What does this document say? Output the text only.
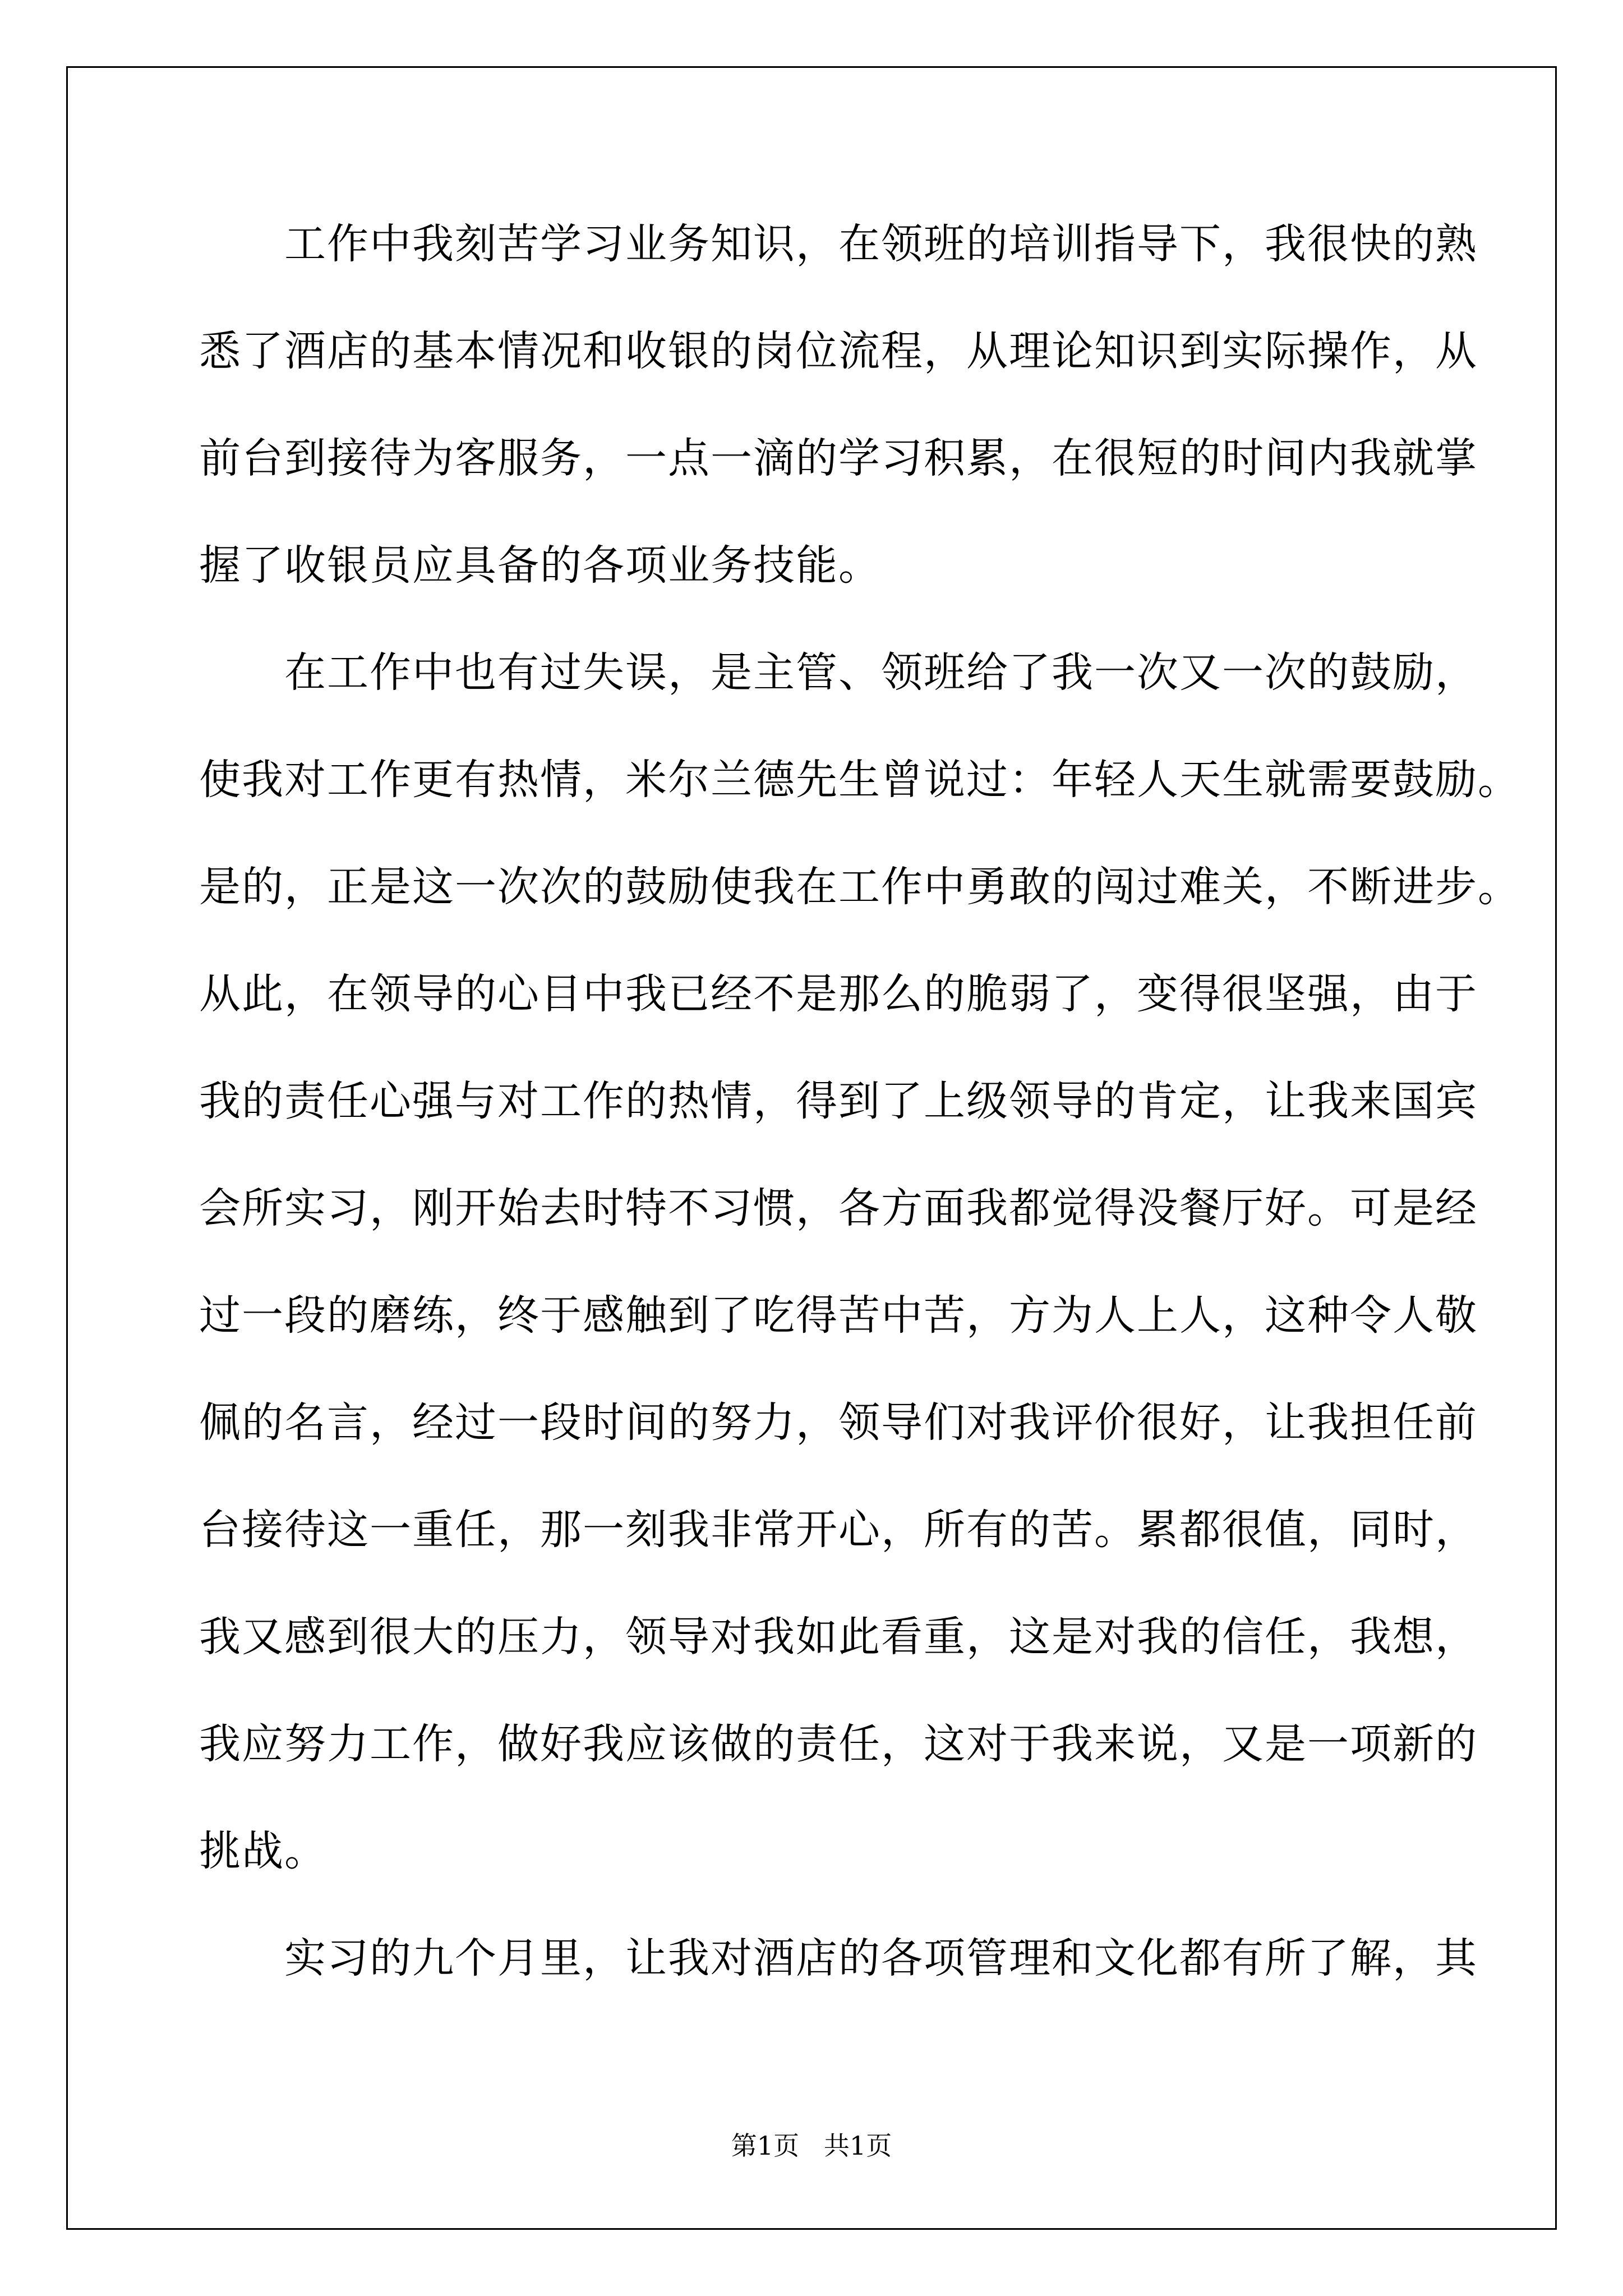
　　工作中我刻苦学习业务知识，在领班的培训指导下，我很快的熟
悉了酒店的基本情况和收银的岗位流程，从理论知识到实际操作，从
前台到接待为客服务，一点一滴的学习积累，在很短的时间内我就掌
握了收银员应具备的各项业务技能。
　　在工作中也有过失误，是主管、领班给了我一次又一次的鼓励，
使我对工作更有热情，米尔兰德先生曾说过：年轻人天生就需要鼓励。
是的，正是这一次次的鼓励使我在工作中勇敢的闯过难关，不断进步。
从此，在领导的心目中我已经不是那么的脆弱了，变得很坚强，由于
我的责任心强与对工作的热情，得到了上级领导的肯定，让我来国宾
会所实习，刚开始去时特不习惯，各方面我都觉得没餐厅好。可是经
过一段的磨练，终于感触到了吃得苦中苦，方为人上人，这种令人敬
佩的名言，经过一段时间的努力，领导们对我评价很好，让我担任前
台接待这一重任，那一刻我非常开心，所有的苦。累都很值，同时，
我又感到很大的压力，领导对我如此看重，这是对我的信任，我想，
我应努力工作，做好我应该做的责任，这对于我来说，又是一项新的
挑战。
　　实习的九个月里，让我对酒店的各项管理和文化都有所了解，其
第1页   共1页
